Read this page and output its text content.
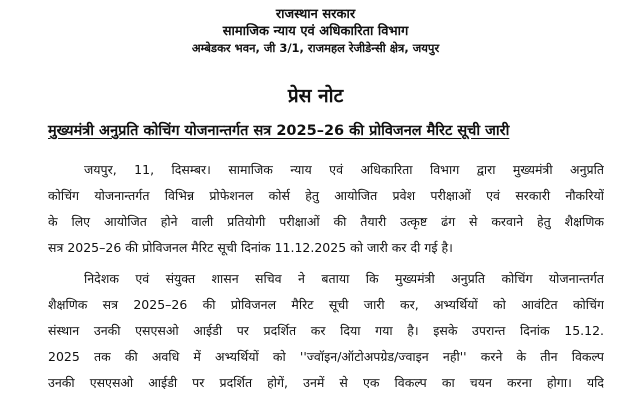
राजस्थान सरकार
सामाजिक न्याय एवं अधिकारिता विभाग
अम्बेडकर भवन, जी 3/1, राजमहल रेजीडेन्सी क्षेत्र, जयपुर
प्रेस नोट
मुख्यमंत्री अनुप्रति कोचिंग योजनान्तर्गत सत्र 2025–26 की प्रोविजनल मैरिट सूची जारी
जयपुर, 11, दिसम्बर। सामाजिक न्याय एवं अधिकारिता विभाग द्वारा मुख्यमंत्री अनुप्रति
कोचिंग योजनान्तर्गत विभिन्न प्रोफेशनल कोर्स हेतु आयोजित प्रवेश परीक्षाओं एवं सरकारी नौकरियों
के लिए आयोजित होने वाली प्रतियोगी परीक्षाओं की तैयारी उत्कृष्ट ढंग से करवाने हेतु शैक्षणिक
सत्र 2025–26 की प्रोविजनल मैरिट सूची दिनांक 11.12.2025 को जारी कर दी गई है।
निदेशक एवं संयुक्त शासन सचिव ने बताया कि मुख्यमंत्री अनुप्रति कोचिंग योजनान्तर्गत
शैक्षणिक सत्र 2025–26 की प्रोविजनल मैरिट सूची जारी कर, अभ्यर्थियों को आवंटित कोचिंग
संस्थान उनकी एसएसओ आईडी पर प्रदर्शित कर दिया गया है। इसके उपरान्त दिनांक 15.12.
2025 तक की अवधि में अभ्यर्थियों को ''ज्वॉइन/ऑटोअपग्रेड/ज्वाइन नही'' करने के तीन विकल्प
उनकी एसएसओ आईडी पर प्रदर्शित होगें, उनमें से एक विकल्प का चयन करना होगा। यदि
